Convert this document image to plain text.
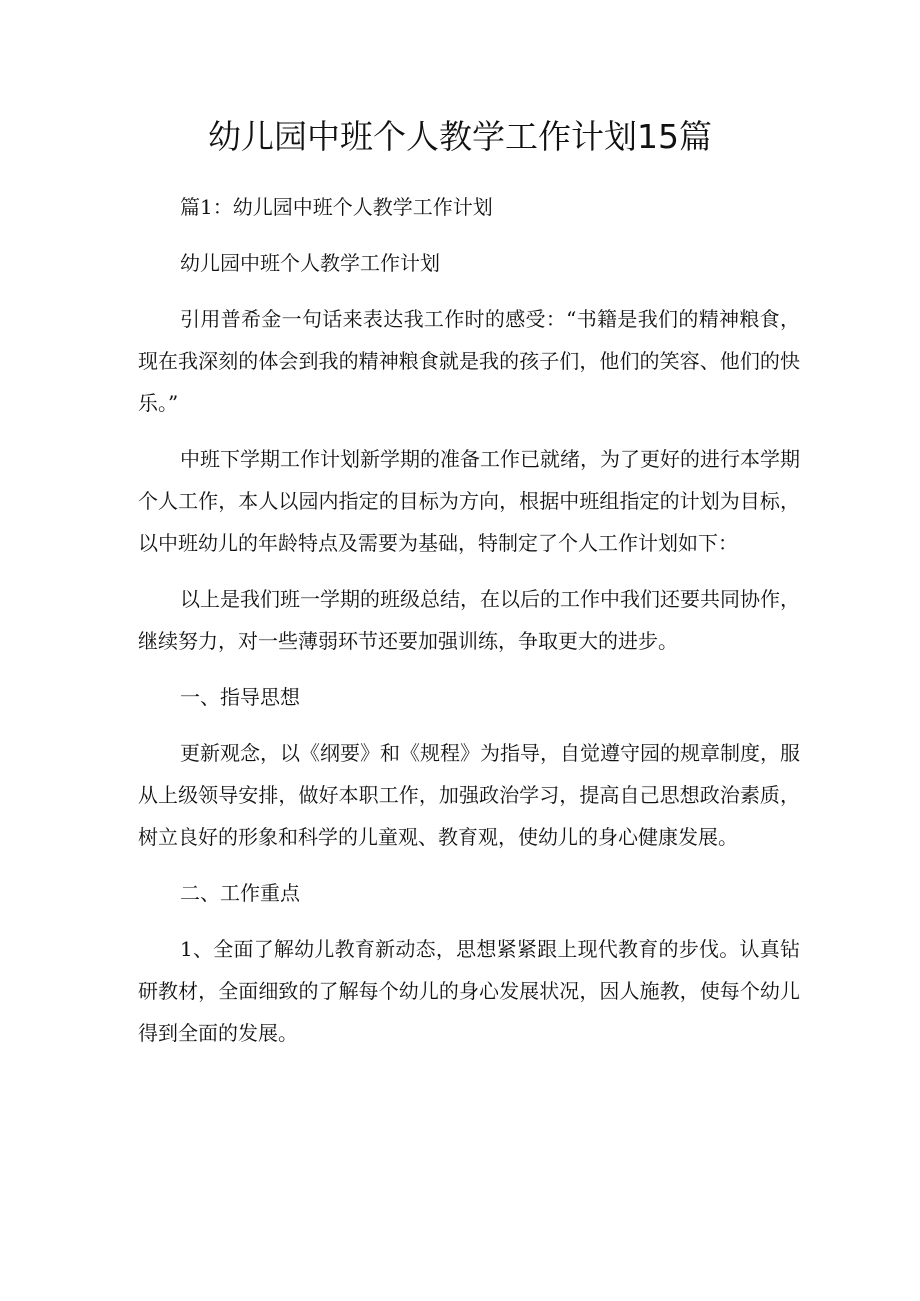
幼儿园中班个人教学工作计划15篇

篇1：幼儿园中班个人教学工作计划

幼儿园中班个人教学工作计划

引用普希金一句话来表达我工作时的感受：“书籍是我们的精神粮食，现在我深刻的体会到我的精神粮食就是我的孩子们，他们的笑容、他们的快乐。”

中班下学期工作计划新学期的准备工作已就绪，为了更好的进行本学期个人工作，本人以园内指定的目标为方向，根据中班组指定的计划为目标，以中班幼儿的年龄特点及需要为基础，特制定了个人工作计划如下：

以上是我们班一学期的班级总结，在以后的工作中我们还要共同协作，继续努力，对一些薄弱环节还要加强训练，争取更大的进步。

一、指导思想

更新观念，以《纲要》和《规程》为指导，自觉遵守园的规章制度，服从上级领导安排，做好本职工作，加强政治学习，提高自己思想政治素质，树立良好的形象和科学的儿童观、教育观，使幼儿的身心健康发展。

二、工作重点

1、全面了解幼儿教育新动态，思想紧紧跟上现代教育的步伐。认真钻研教材，全面细致的了解每个幼儿的身心发展状况，因人施教，使每个幼儿得到全面的发展。
